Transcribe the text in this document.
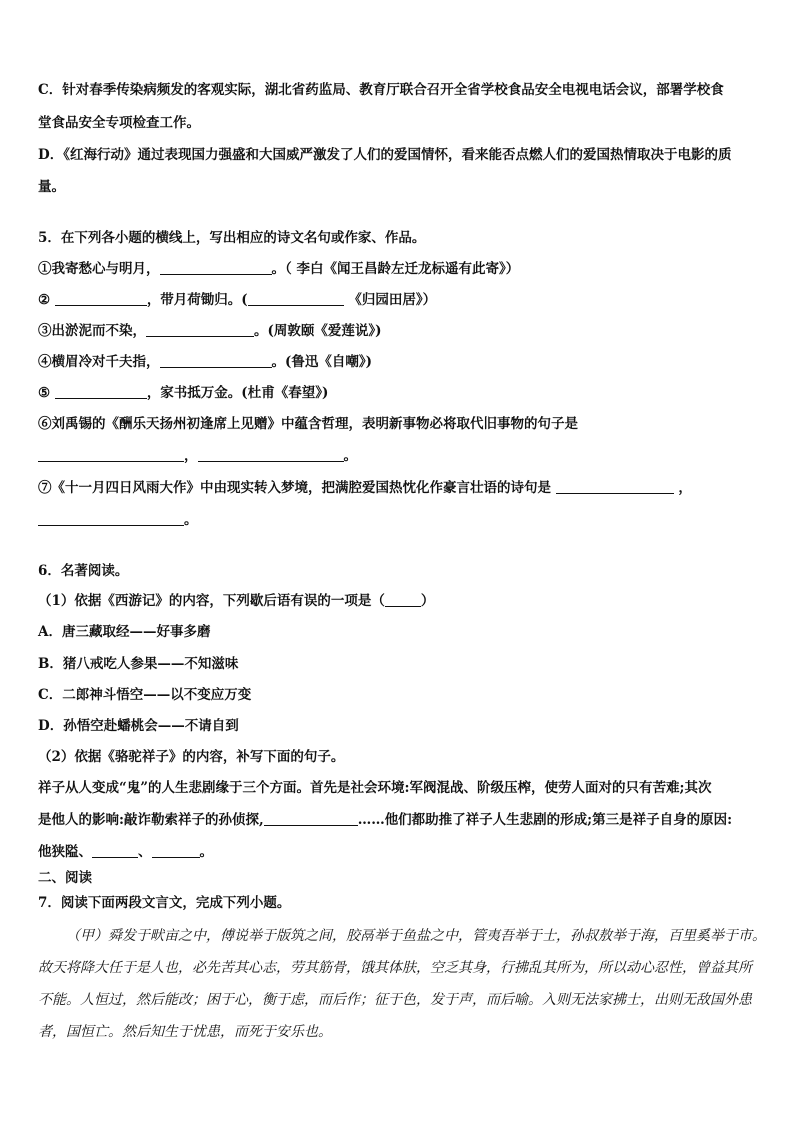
C．针对春季传染病频发的客观实际，湖北省药监局、教育厅联合召开全省学校食品安全电视电话会议，部署学校食
堂食品安全专项检查工作。
D．《红海行动》通过表现国力强盛和大国威严激发了人们的爱国情怀，看来能否点燃人们的爱国热情取决于电影的质
量。
5．在下列各小题的横线上，写出相应的诗文名句或作家、作品。
①我寄愁心与明月，	。（ 李白《闻王昌龄左迁龙标遥有此寄》）
②	，带月荷锄归。(	《归园田居》）
③出淤泥而不染，	。(周敦颐《爱莲说》)
④横眉冷对千夫指，	。(鲁迅《自嘲》)
⑤	，家书抵万金。(杜甫《春望》)
⑥刘禹锡的《酬乐天扬州初逢席上见赠》中蕴含哲理，表明新事物必将取代旧事物的句子是
，	。
⑦《十一月四日风雨大作》中由现实转入梦境，把满腔爱国热忱化作豪言壮语的诗句是	，
。
6．名著阅读。
（1）依据《西游记》的内容，下列歇后语有误的一项是（	）
A．唐三藏取经——好事多磨
B．猪八戒吃人参果——不知滋味
C．二郎神斗悟空——以不变应万变
D．孙悟空赴蟠桃会——不请自到
（2）依据《骆驼祥子》的内容，补写下面的句子。
祥子从人变成“鬼”的人生悲剧缘于三个方面。首先是社会环境:军阀混战、阶级压榨，使劳人面对的只有苦难;其次
是他人的影响:敲诈勒索祥子的孙侦探,	……他们都助推了祥子人生悲剧的形成;第三是祥子自身的原因:
他狭隘、	、	。
二、阅读
7．阅读下面两段文言文，完成下列小题。
（甲）舜发于畎亩之中，傅说举于版筑之间，胶鬲举于鱼盐之中，管夷吾举于士，孙叔敖举于海，百里奚举于市。
故天将降大任于是人也，必先苦其心志，劳其筋骨，饿其体肤，空乏其身，行拂乱其所为，所以动心忍性，曾益其所
不能。人恒过，然后能改；困于心，衡于虑，而后作；征于色，发于声，而后喻。入则无法家拂士，出则无敌国外患
者，国恒亡。然后知生于忧患，而死于安乐也。
